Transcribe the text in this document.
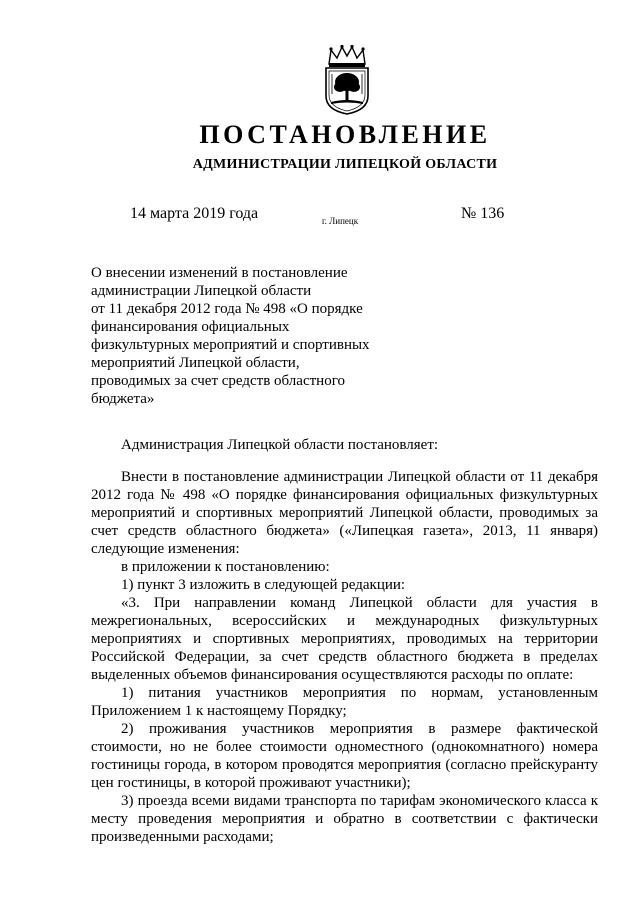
ПОСТАНОВЛЕНИЕ

АДМИНИСТРАЦИИ ЛИПЕЦКОЙ ОБЛАСТИ

14 марта 2019 года	г. Липецк	№ 136
О внесении изменений в постановление
администрации Липецкой области
от 11 декабря 2012 года № 498 «О порядке
финансирования официальных
физкультурных мероприятий и спортивных
мероприятий Липецкой области,
проводимых за счет средств областного
бюджета»
Администрация Липецкой области постановляет:

Внести в постановление администрации Липецкой области от 11 декабря 2012 года № 498 «О порядке финансирования официальных физкультурных мероприятий и спортивных мероприятий Липецкой области, проводимых за счет средств областного бюджета» («Липецкая газета», 2013, 11 января) следующие изменения:

в приложении к постановлению:

1) пункт 3 изложить в следующей редакции:

«3. При направлении команд Липецкой области для участия в межрегиональных, всероссийских и международных физкультурных мероприятиях и спортивных мероприятиях, проводимых на территории Российской Федерации, за счет средств областного бюджета в пределах выделенных объемов финансирования осуществляются расходы по оплате:

1) питания участников мероприятия по нормам, установленным Приложением 1 к настоящему Порядку;

2) проживания участников мероприятия в размере фактической стоимости, но не более стоимости одноместного (однокомнатного) номера гостиницы города, в котором проводятся мероприятия (согласно прейскуранту цен гостиницы, в которой проживают участники);

3) проезда всеми видами транспорта по тарифам экономического класса к месту проведения мероприятия и обратно в соответствии с фактически произведенными расходами;
